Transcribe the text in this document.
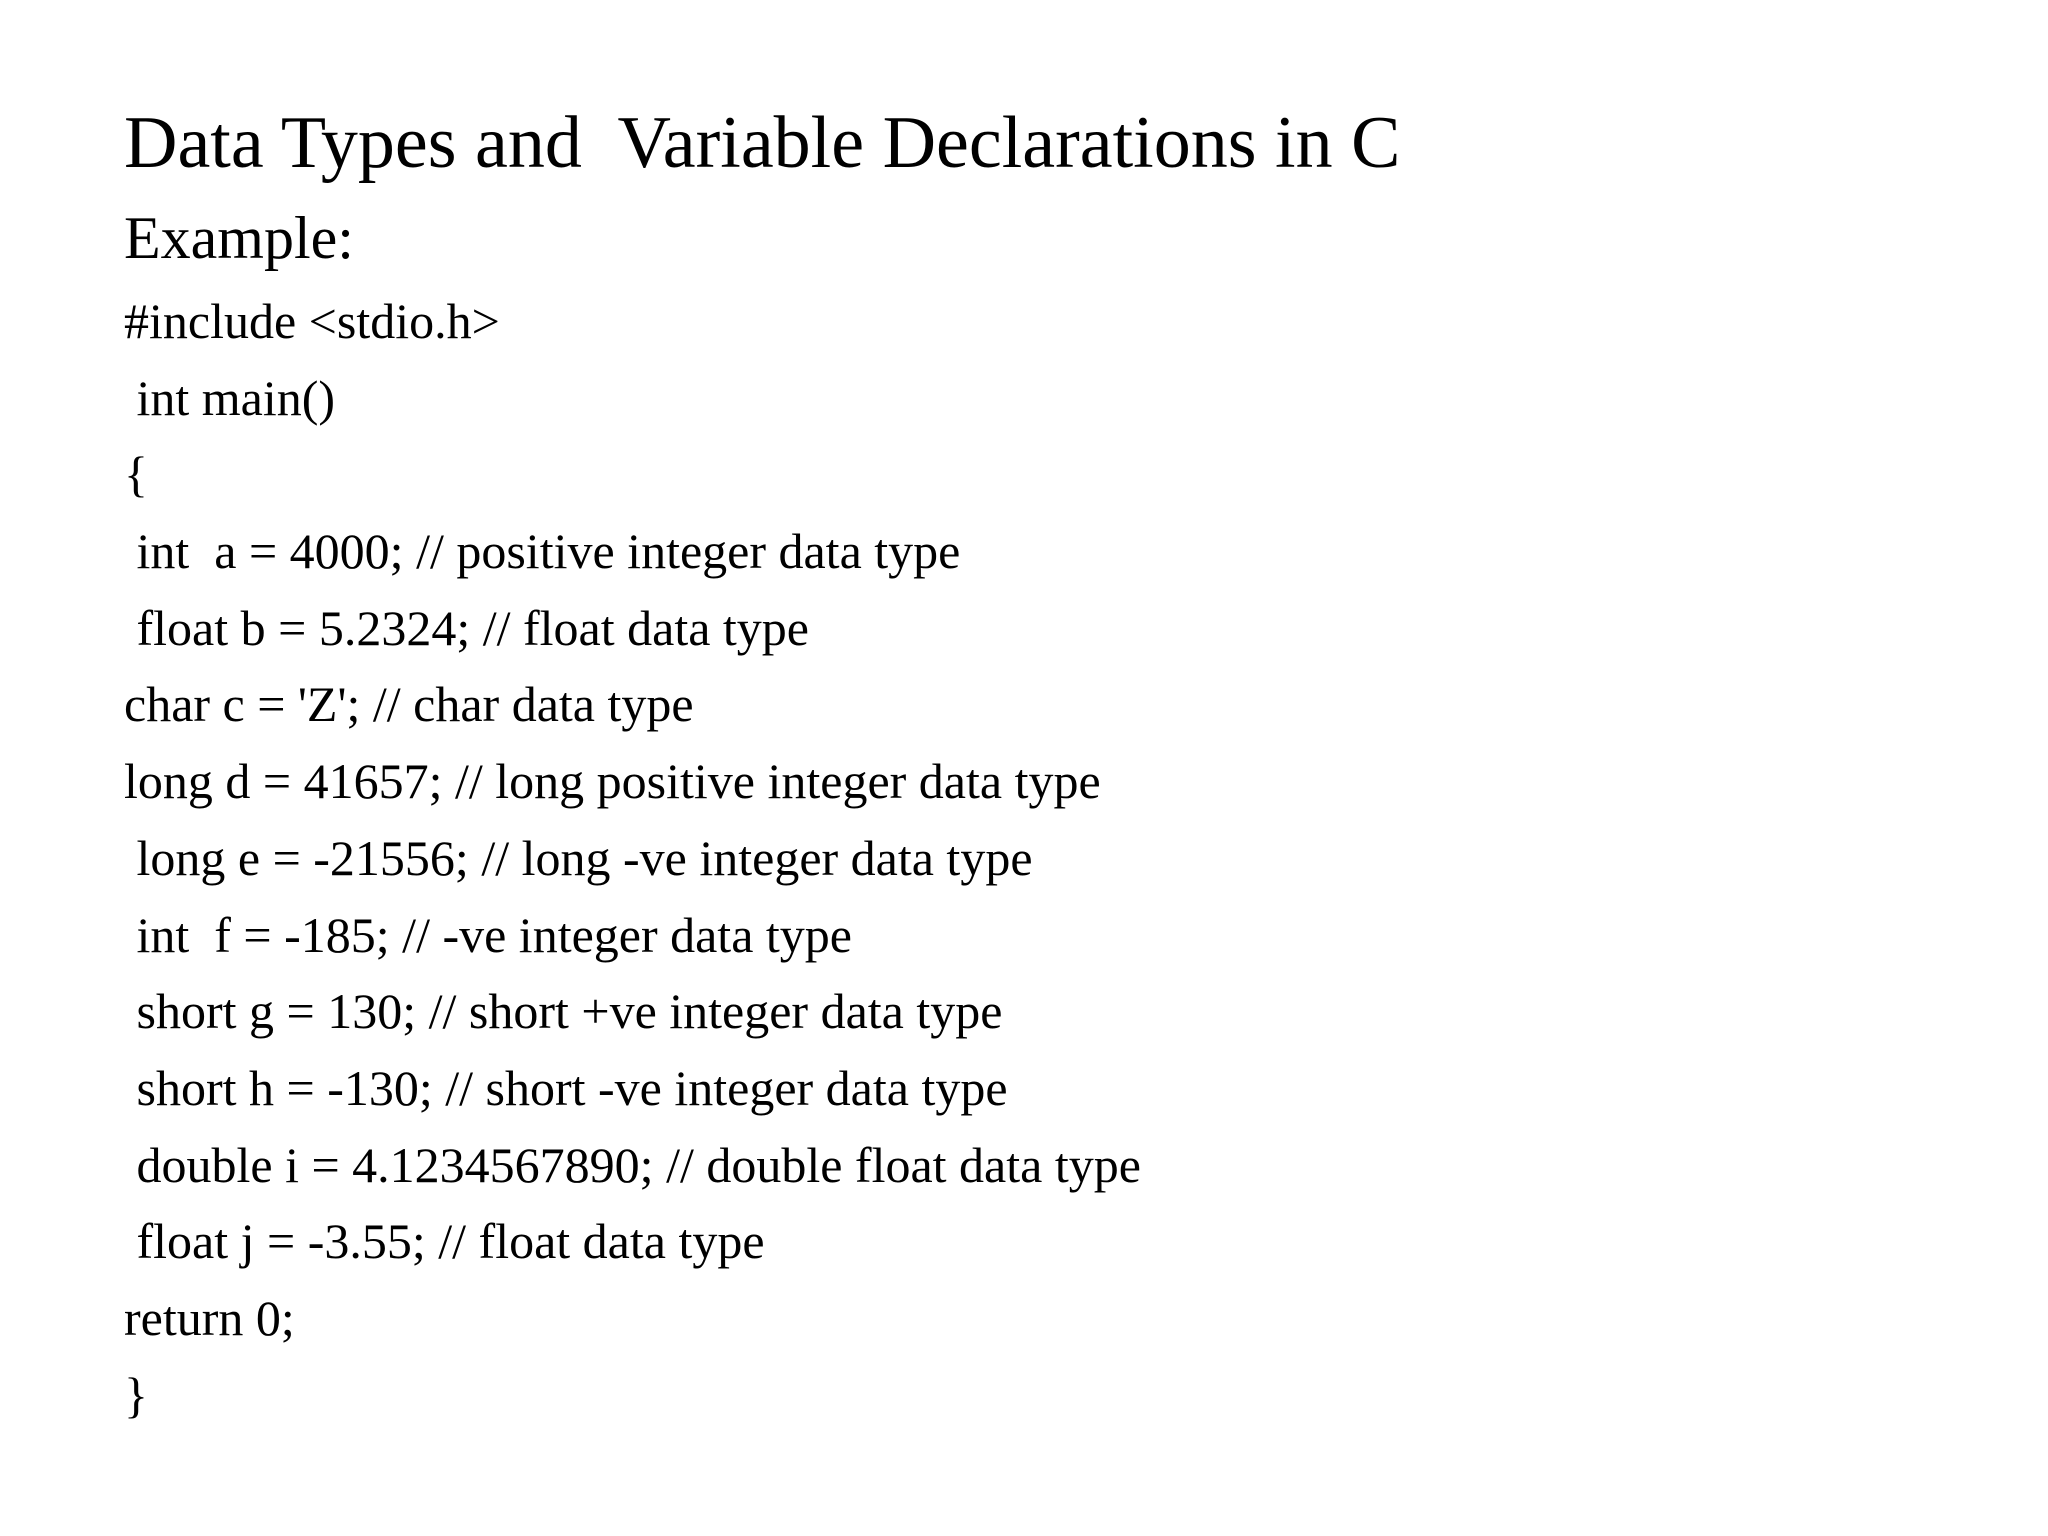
Data Types and  Variable Declarations in C
Example:
#include <stdio.h>
int main()
{
int  a = 4000; // positive integer data type
float b = 5.2324; // float data type
char c = 'Z'; // char data type
long d = 41657; // long positive integer data type
long e = -21556; // long -ve integer data type
int  f = -185; // -ve integer data type
short g = 130; // short +ve integer data type
short h = -130; // short -ve integer data type
double i = 4.1234567890; // double float data type
float j = -3.55; // float data type
return 0;
}
